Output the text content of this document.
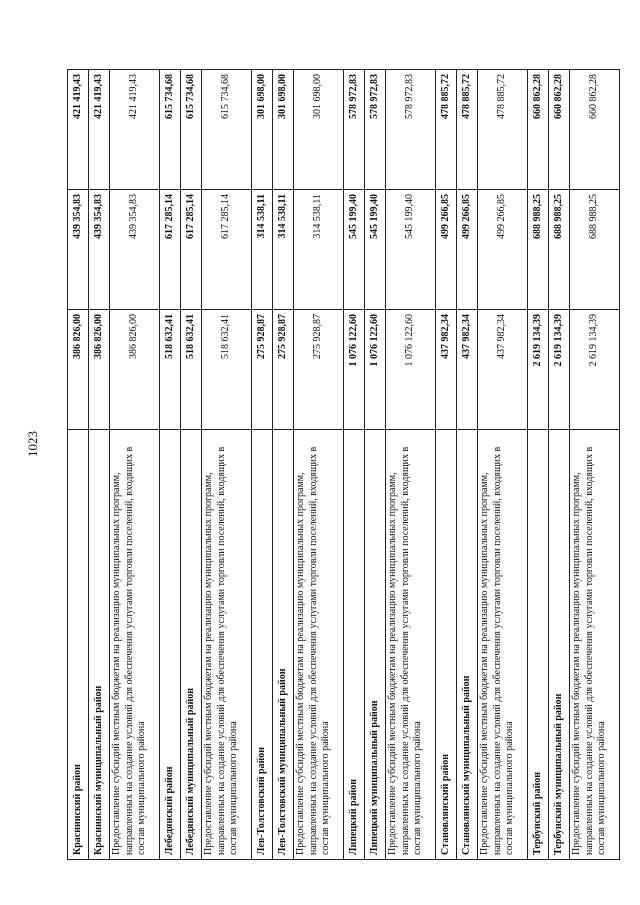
1023
Краснинский район	386 826,00	439 354,83	421 419,43
Краснинский муниципальный район	386 826,00	439 354,83	421 419,43
Предоставление субсидий местным бюджетам на реализацию муниципальных программ, направленных на создание условий для обеспечения услугами торговли поселений, входящих в состав муниципального района	386 826,00	439 354,83	421 419,43
Лебедянский район	518 632,41	617 285,14	615 734,68
Лебедянский муниципальный район	518 632,41	617 285,14	615 734,68
Предоставление субсидий местным бюджетам на реализацию муниципальных программ, направленных на создание условий для обеспечения услугами торговли поселений, входящих в состав муниципального района	518 632,41	617 285,14	615 734,68
Лев-Толстовский район	275 928,87	314 538,11	301 698,00
Лев-Толстовский муниципальный район	275 928,87	314 538,11	301 698,00
Предоставление субсидий местным бюджетам на реализацию муниципальных программ, направленных на создание условий для обеспечения услугами торговли поселений, входящих в состав муниципального района	275 928,87	314 538,11	301 698,00
Липецкий район	1 076 122,60	545 199,40	578 972,83
Липецкий муниципальный район	1 076 122,60	545 199,40	578 972,83
Предоставление субсидий местным бюджетам на реализацию муниципальных программ, направленных на создание условий для обеспечения услугами торговли поселений, входящих в состав муниципального района	1 076 122,60	545 199,40	578 972,83
Становлянский район	437 982,34	499 266,85	478 885,72
Становлянский муниципальный район	437 982,34	499 266,85	478 885,72
Предоставление субсидий местным бюджетам на реализацию муниципальных программ, направленных на создание условий для обеспечения услугами торговли поселений, входящих в состав муниципального района	437 982,34	499 266,85	478 885,72
Тербунский район	2 619 134,39	688 988,25	660 862,28
Тербунский муниципальный район	2 619 134,39	688 988,25	660 862,28
Предоставление субсидий местным бюджетам на реализацию муниципальных программ, направленных на создание условий для обеспечения услугами торговли поселений, входящих в состав муниципального района	2 619 134,39	688 988,25	660 862,28
